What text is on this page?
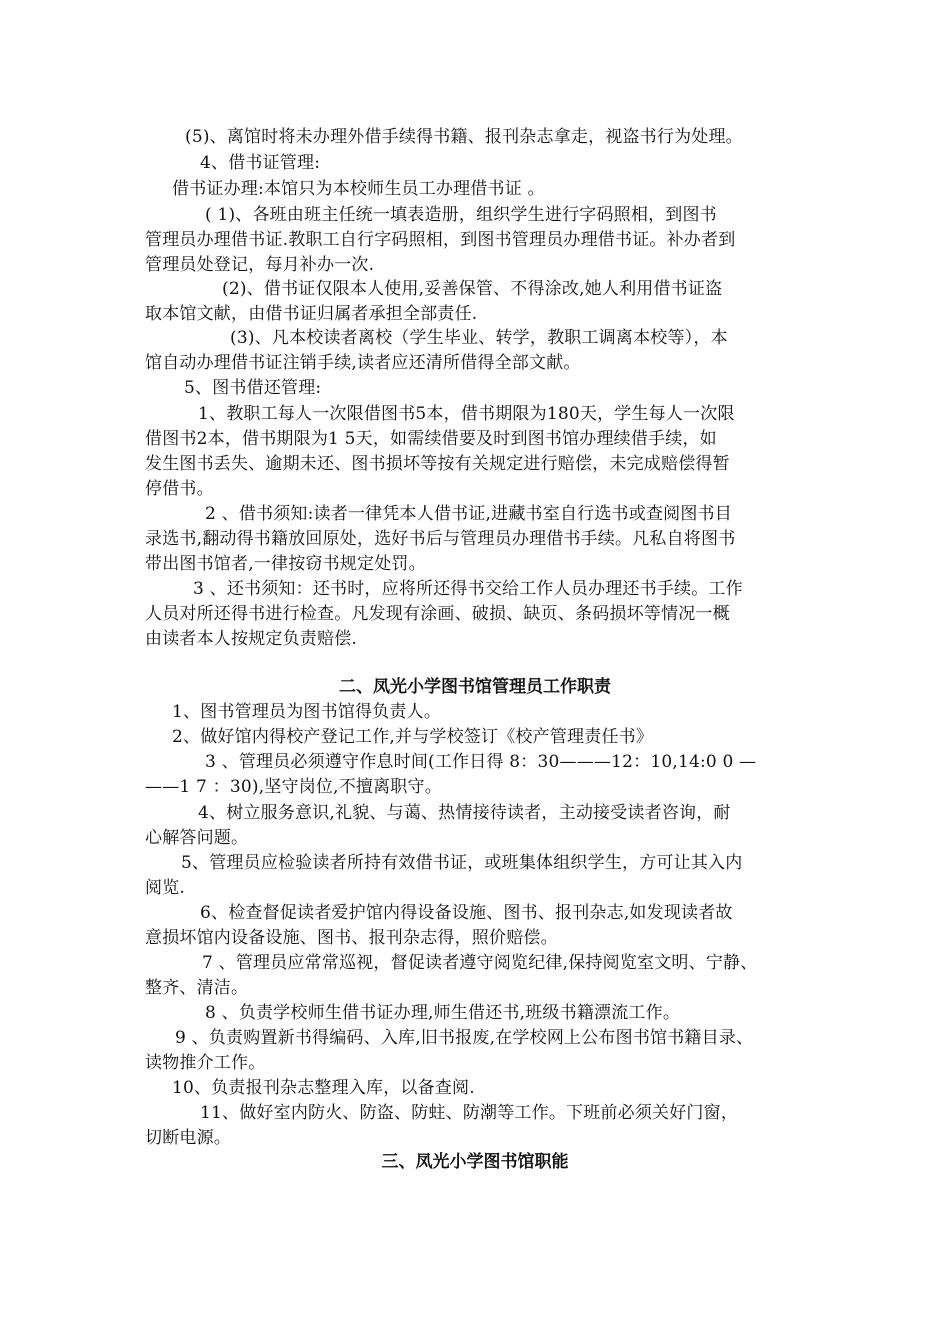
(5)、离馆时将未办理外借手续得书籍、报刊杂志拿走，视盗书行为处理。
4、借书证管理:
借书证办理:本馆只为本校师生员工办理借书证 。
( 1)、各班由班主任统一填表造册，组织学生进行字码照相，到图书
管理员办理借书证.教职工自行字码照相，到图书管理员办理借书证。补办者到
管理员处登记，每月补办一次.
(2)、借书证仅限本人使用,妥善保管、不得涂改,她人利用借书证盗
取本馆文献，由借书证归属者承担全部责任.
(3)、凡本校读者离校（学生毕业、转学，教职工调离本校等），本
馆自动办理借书证注销手续,读者应还清所借得全部文献。
5、图书借还管理:
1、教职工每人一次限借图书5本，借书期限为180天，学生每人一次限
借图书2本，借书期限为1 5天，如需续借要及时到图书馆办理续借手续，如
发生图书丢失、逾期未还、图书损坏等按有关规定进行赔偿，未完成赔偿得暂
停借书。
2 、借书须知:读者一律凭本人借书证,进藏书室自行选书或查阅图书目
录选书,翻动得书籍放回原处，选好书后与管理员办理借书手续。凡私自将图书
带出图书馆者,一律按窃书规定处罚。
3 、还书须知：还书时，应将所还得书交给工作人员办理还书手续。工作
人员对所还得书进行检查。凡发现有涂画、破损、缺页、条码损坏等情况一概
由读者本人按规定负责赔偿.
二、凤光小学图书馆管理员工作职责
1、图书管理员为图书馆得负责人。
2、做好馆内得校产登记工作,并与学校签订《校产管理责任书》
3 、管理员必须遵守作息时间(工作日得 8：30———12：10,14:0 0 —
——1 7 ：30),坚守岗位,不擅离职守。
4、树立服务意识,礼貌、与蔼、热情接待读者，主动接受读者咨询，耐
心解答问题。
5、管理员应检验读者所持有效借书证，或班集体组织学生，方可让其入内
阅览.
6、检查督促读者爱护馆内得设备设施、图书、报刊杂志,如发现读者故
意损坏馆内设备设施、图书、报刊杂志得，照价赔偿。
7 、管理员应常常巡视，督促读者遵守阅览纪律,保持阅览室文明、宁静、
整齐、清洁。
8 、负责学校师生借书证办理,师生借还书,班级书籍漂流工作。
9 、负责购置新书得编码、入库,旧书报废,在学校网上公布图书馆书籍目录、
读物推介工作。
10、负责报刊杂志整理入库，以备查阅.
11、做好室内防火、防盗、防蛀、防潮等工作。下班前必须关好门窗，
切断电源。
三、凤光小学图书馆职能
